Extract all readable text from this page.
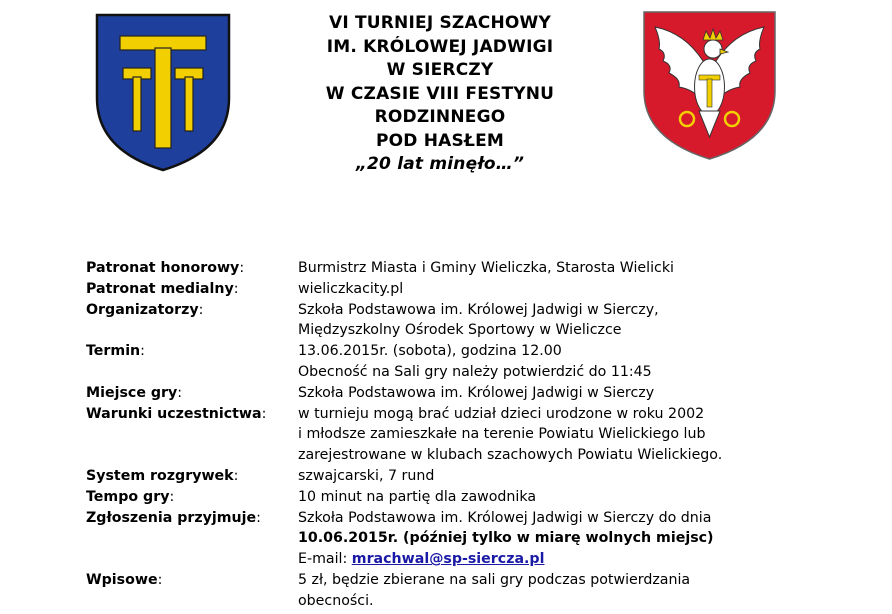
VI TURNIEJ SZACHOWY
IM. KRÓLOWEJ JADWIGI
W SIERCZY
W CZASIE VIII FESTYNU
RODZINNEGO
POD HASŁEM
„20 lat minęło…”
Patronat honorowy:	Burmistrz Miasta i Gminy Wieliczka, Starosta Wielicki
Patronat medialny:	wieliczkacity.pl
Organizatorzy:	Szkoła Podstawowa im. Królowej Jadwigi w Sierczy,
Międzyszkolny Ośrodek Sportowy w Wieliczce
Termin:	13.06.2015r. (sobota), godzina 12.00
Obecność na Sali gry należy potwierdzić do 11:45
Miejsce gry:	Szkoła Podstawowa im. Królowej Jadwigi w Sierczy
Warunki uczestnictwa:	w turnieju mogą brać udział dzieci urodzone w roku 2002
i młodsze zamieszkałe na terenie Powiatu Wielickiego lub
zarejestrowane w klubach szachowych Powiatu Wielickiego.
System rozgrywek:	szwajcarski, 7 rund
Tempo gry:	10 minut na partię dla zawodnika
Zgłoszenia przyjmuje:	Szkoła Podstawowa im. Królowej Jadwigi w Sierczy do dnia
10.06.2015r. (później tylko w miarę wolnych miejsc)
E-mail: mrachwal@sp-siercza.pl
Wpisowe:	5 zł, będzie zbierane na sali gry podczas potwierdzania
obecności.
